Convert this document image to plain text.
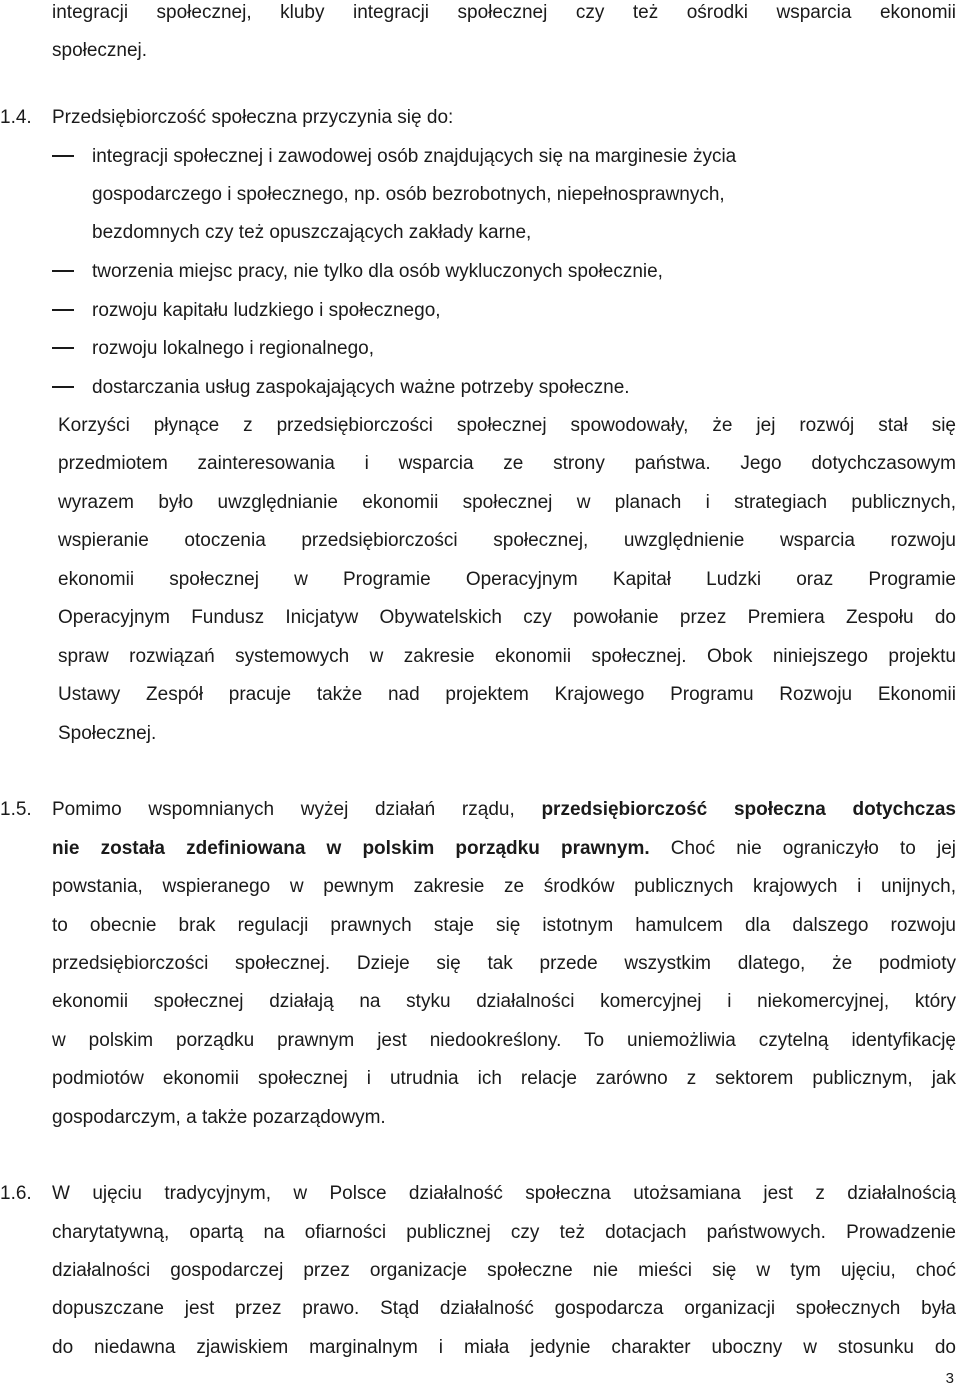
integracji społecznej, kluby integracji społecznej czy też ośrodki wsparcia ekonomii
społecznej.
1.4.	Przedsiębiorczość społeczna przyczynia się do:
integracji społecznej i zawodowej osób znajdujących się na marginesie życia
gospodarczego i społecznego, np. osób bezrobotnych, niepełnosprawnych,
bezdomnych czy też opuszczających zakłady karne,
tworzenia miejsc pracy, nie tylko dla osób wykluczonych społecznie,
rozwoju kapitału ludzkiego i społecznego,
rozwoju lokalnego i regionalnego,
dostarczania usług zaspokajających ważne potrzeby społeczne.
Korzyści płynące z przedsiębiorczości społecznej spowodowały, że jej rozwój stał się
przedmiotem zainteresowania i wsparcia ze strony państwa. Jego dotychczasowym
wyrazem było uwzględnianie ekonomii społecznej w planach i strategiach publicznych,
wspieranie otoczenia przedsiębiorczości społecznej, uwzględnienie wsparcia rozwoju
ekonomii społecznej w Programie Operacyjnym Kapitał Ludzki oraz Programie
Operacyjnym Fundusz Inicjatyw Obywatelskich czy powołanie przez Premiera Zespołu do
spraw rozwiązań systemowych w zakresie ekonomii społecznej. Obok niniejszego projektu
Ustawy Zespół pracuje także nad projektem Krajowego Programu Rozwoju Ekonomii
Społecznej.
1.5.	Pomimo wspomnianych wyżej działań rządu, przedsiębiorczość społeczna dotychczas
nie została zdefiniowana w polskim porządku prawnym. Choć nie ograniczyło to jej
powstania, wspieranego w pewnym zakresie ze środków publicznych krajowych i unijnych,
to obecnie brak regulacji prawnych staje się istotnym hamulcem dla dalszego rozwoju
przedsiębiorczości społecznej. Dzieje się tak przede wszystkim dlatego, że podmioty
ekonomii społecznej działają na styku działalności komercyjnej i niekomercyjnej, który
w polskim porządku prawnym jest niedookreślony. To uniemożliwia czytelną identyfikację
podmiotów ekonomii społecznej i utrudnia ich relacje zarówno z sektorem publicznym, jak
gospodarczym, a także pozarządowym.
1.6.	W ujęciu tradycyjnym, w Polsce działalność społeczna utożsamiana jest z działalnością
charytatywną, opartą na ofiarności publicznej czy też dotacjach państwowych. Prowadzenie
działalności gospodarczej przez organizacje społeczne nie mieści się w tym ujęciu, choć
dopuszczane jest przez prawo. Stąd działalność gospodarcza organizacji społecznych była
do niedawna zjawiskiem marginalnym i miała jedynie charakter uboczny w stosunku do
3
